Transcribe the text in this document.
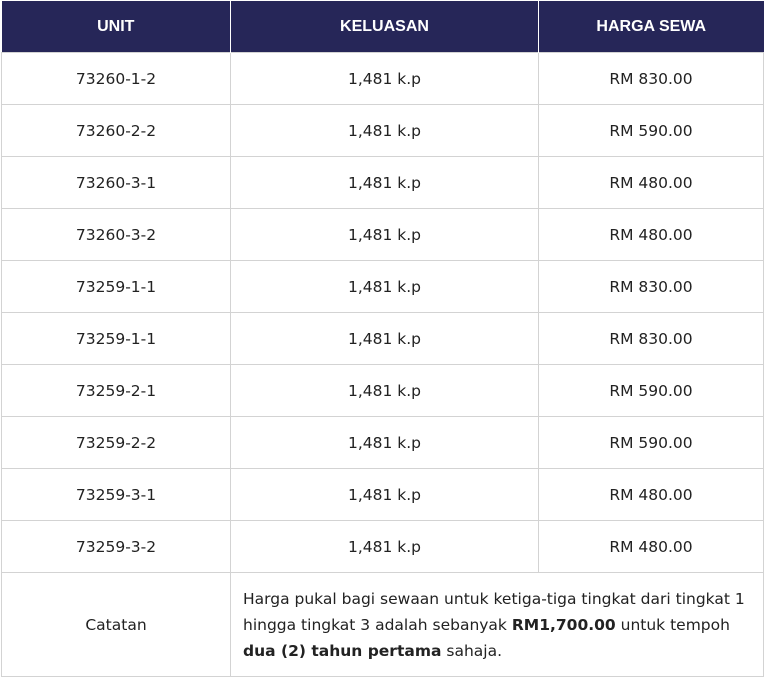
UNIT	KELUASAN	HARGA SEWA
73260-1-2	1,481 k.p	RM 830.00
73260-2-2	1,481 k.p	RM 590.00
73260-3-1	1,481 k.p	RM 480.00
73260-3-2	1,481 k.p	RM 480.00
73259-1-1	1,481 k.p	RM 830.00
73259-1-1	1,481 k.p	RM 830.00
73259-2-1	1,481 k.p	RM 590.00
73259-2-2	1,481 k.p	RM 590.00
73259-3-1	1,481 k.p	RM 480.00
73259-3-2	1,481 k.p	RM 480.00
Catatan	Harga pukal bagi sewaan untuk ketiga-tiga tingkat dari tingkat 1 hingga tingkat 3 adalah sebanyak RM1,700.00 untuk tempoh dua (2) tahun pertama sahaja.	
